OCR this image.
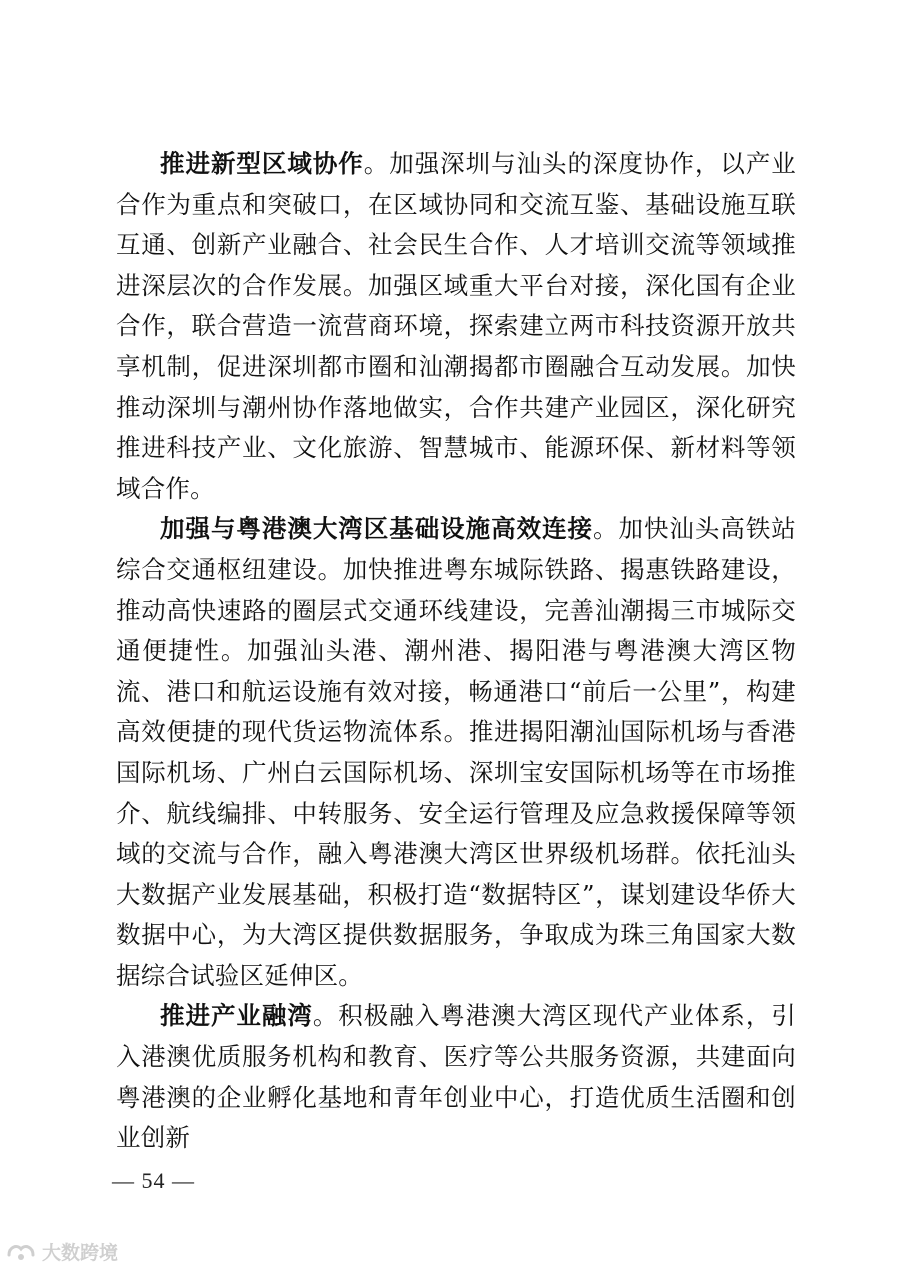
推进新型区域协作。加强深圳与汕头的深度协作，以产业合作为重点和突破口，在区域协同和交流互鉴、基础设施互联互通、创新产业融合、社会民生合作、人才培训交流等领域推进深层次的合作发展。加强区域重大平台对接，深化国有企业合作，联合营造一流营商环境，探索建立两市科技资源开放共享机制，促进深圳都市圈和汕潮揭都市圈融合互动发展。加快推动深圳与潮州协作落地做实，合作共建产业园区，深化研究推进科技产业、文化旅游、智慧城市、能源环保、新材料等领域合作。

加强与粤港澳大湾区基础设施高效连接。加快汕头高铁站综合交通枢纽建设。加快推进粤东城际铁路、揭惠铁路建设，推动高快速路的圈层式交通环线建设，完善汕潮揭三市城际交通便捷性。加强汕头港、潮州港、揭阳港与粤港澳大湾区物流、港口和航运设施有效对接，畅通港口“前后一公里”，构建高效便捷的现代货运物流体系。推进揭阳潮汕国际机场与香港国际机场、广州白云国际机场、深圳宝安国际机场等在市场推介、航线编排、中转服务、安全运行管理及应急救援保障等领域的交流与合作，融入粤港澳大湾区世界级机场群。依托汕头大数据产业发展基础，积极打造“数据特区”，谋划建设华侨大数据中心，为大湾区提供数据服务，争取成为珠三角国家大数据综合试验区延伸区。

推进产业融湾。积极融入粤港澳大湾区现代产业体系，引入港澳优质服务机构和教育、医疗等公共服务资源，共建面向粤港澳的企业孵化基地和青年创业中心，打造优质生活圈和创业创新

— 54 —
大数跨境
